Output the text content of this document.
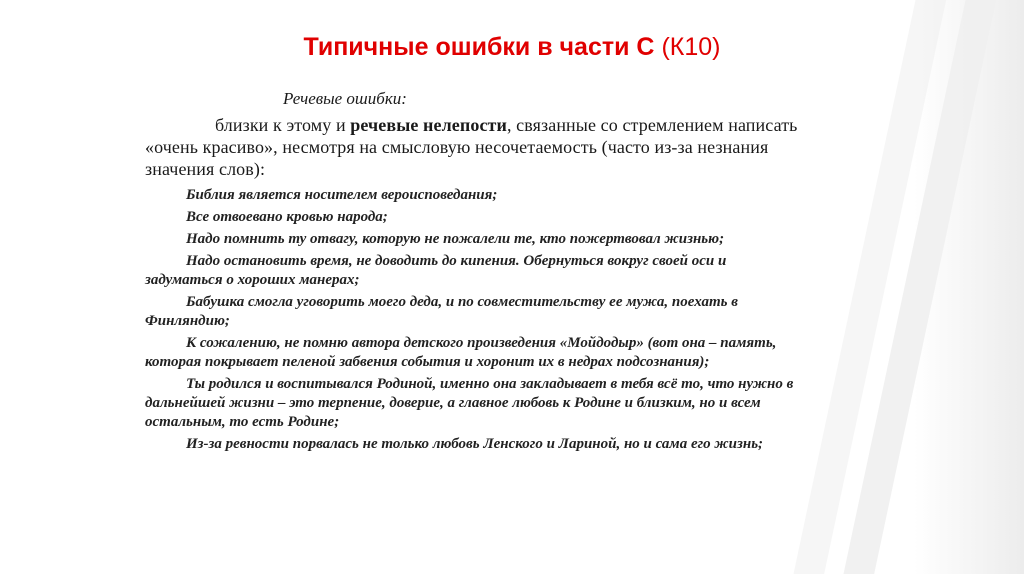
Типичные ошибки в части С (К10)
Речевые ошибки:
близки к этому и речевые нелепости, связанные со стремлением написать «очень красиво», несмотря на смысловую несочетаемость (часто из-за незнания значения слов):
Библия является носителем вероисповедания;
Все отвоевано кровью народа;
Надо помнить ту отвагу, которую не пожалели те, кто пожертвовал жизнью;
Надо остановить время, не доводить до кипения. Обернуться вокруг своей оси и задуматься о хороших манерах;
Бабушка смогла уговорить моего деда, и по совместительству ее мужа, поехать в Финляндию;
К сожалению, не помню автора детского произведения «Мойдодыр» (вот она – память, которая покрывает пеленой забвения события и хоронит их в недрах подсознания);
Ты родился и воспитывался Родиной, именно она закладывает в тебя всё то, что нужно в дальнейшей жизни – это терпение, доверие, а главное любовь к Родине и близким, но и всем остальным, то есть Родине;
Из-за ревности порвалась не только любовь Ленского и Лариной, но и сама его жизнь;
